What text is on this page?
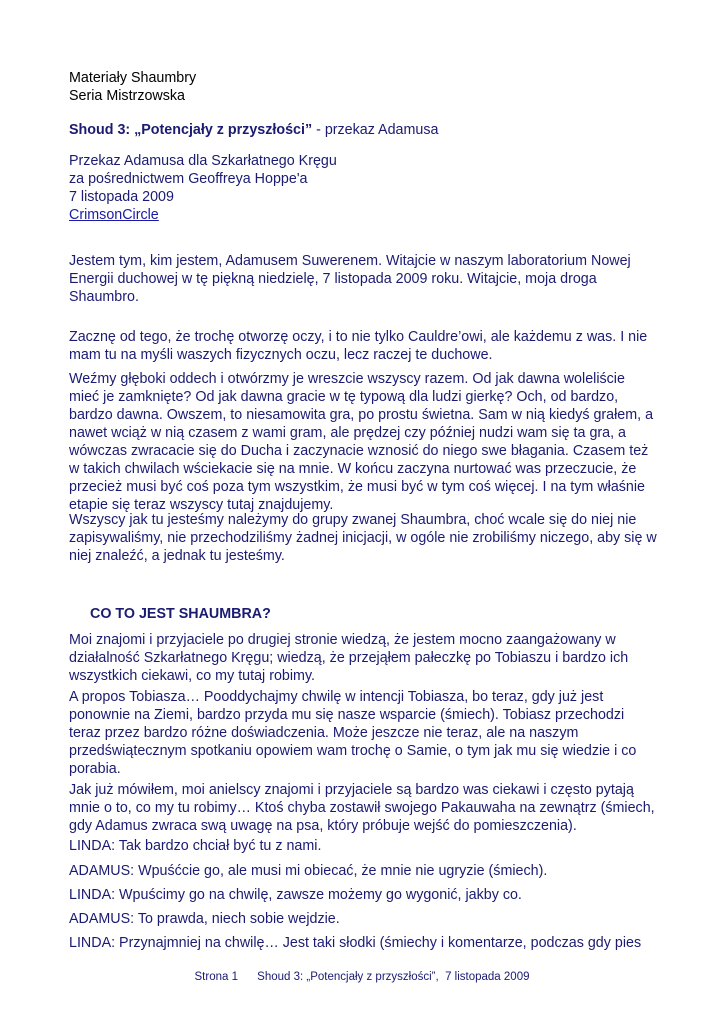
Materiały Shaumbry
Seria Mistrzowska

Shoud 3: „Potencjały z przyszłości” - przekaz Adamusa

Przekaz Adamusa dla Szkarłatnego Kręgu
za pośrednictwem Geoffreya Hoppe'a
7 listopada 2009
CrimsonCircle

Jestem tym, kim jestem, Adamusem Suwerenem. Witajcie w naszym laboratorium Nowej Energii duchowej w tę piękną niedzielę, 7 listopada 2009 roku. Witajcie, moja droga Shaumbro.

Zacznę od tego, że trochę otworzę oczy, i to nie tylko Cauldre’owi, ale każdemu z was. I nie mam tu na myśli waszych fizycznych oczu, lecz raczej te duchowe.

Weźmy głęboki oddech i otwórzmy je wreszcie wszyscy razem. Od jak dawna woleliście mieć je zamknięte? Od jak dawna gracie w tę typową dla ludzi gierkę? Och, od bardzo, bardzo dawna. Owszem, to niesamowita gra, po prostu świetna. Sam w nią kiedyś grałem, a nawet wciąż w nią czasem z wami gram, ale prędzej czy później nudzi wam się ta gra, a wówczas zwracacie się do Ducha i zaczynacie wznosić do niego swe błagania. Czasem też w takich chwilach wściekacie się na mnie. W końcu zaczyna nurtować was przeczucie, że przecież musi być coś poza tym wszystkim, że musi być w tym coś więcej. I na tym właśnie etapie się teraz wszyscy tutaj znajdujemy.

Wszyscy jak tu jesteśmy należymy do grupy zwanej Shaumbra, choć wcale się do niej nie zapisywaliśmy, nie przechodziliśmy żadnej inicjacji, w ogóle nie zrobiliśmy niczego, aby się w niej znaleźć, a jednak tu jesteśmy.

CO TO JEST SHAUMBRA?

Moi znajomi i przyjaciele po drugiej stronie wiedzą, że jestem mocno zaangażowany w działalność Szkarłatnego Kręgu; wiedzą, że przejąłem pałeczkę po Tobiaszu i bardzo ich wszystkich ciekawi, co my tutaj robimy.

A propos Tobiasza… Pooddychajmy chwilę w intencji Tobiasza, bo teraz, gdy już jest ponownie na Ziemi, bardzo przyda mu się nasze wsparcie (śmiech). Tobiasz przechodzi teraz przez bardzo różne doświadczenia. Może jeszcze nie teraz, ale na naszym przedświątecznym spotkaniu opowiem wam trochę o Samie, o tym jak mu się wiedzie i co porabia.

Jak już mówiłem, moi anielscy znajomi i przyjaciele są bardzo was ciekawi i często pytają mnie o to, co my tu robimy… Ktoś chyba zostawił swojego Pakauwaha na zewnątrz (śmiech, gdy Adamus zwraca swą uwagę na psa, który próbuje wejść do pomieszczenia).

LINDA: Tak bardzo chciał być tu z nami.

ADAMUS: Wpuśćcie go, ale musi mi obiecać, że mnie nie ugryzie (śmiech).

LINDA: Wpuścimy go na chwilę, zawsze możemy go wygonić, jakby co.

ADAMUS: To prawda, niech sobie wejdzie.

LINDA: Przynajmniej na chwilę… Jest taki słodki (śmiechy i komentarze, podczas gdy pies

Strona 1 Shoud 3: „Potencjały z przyszłości”,  7 listopada 2009
